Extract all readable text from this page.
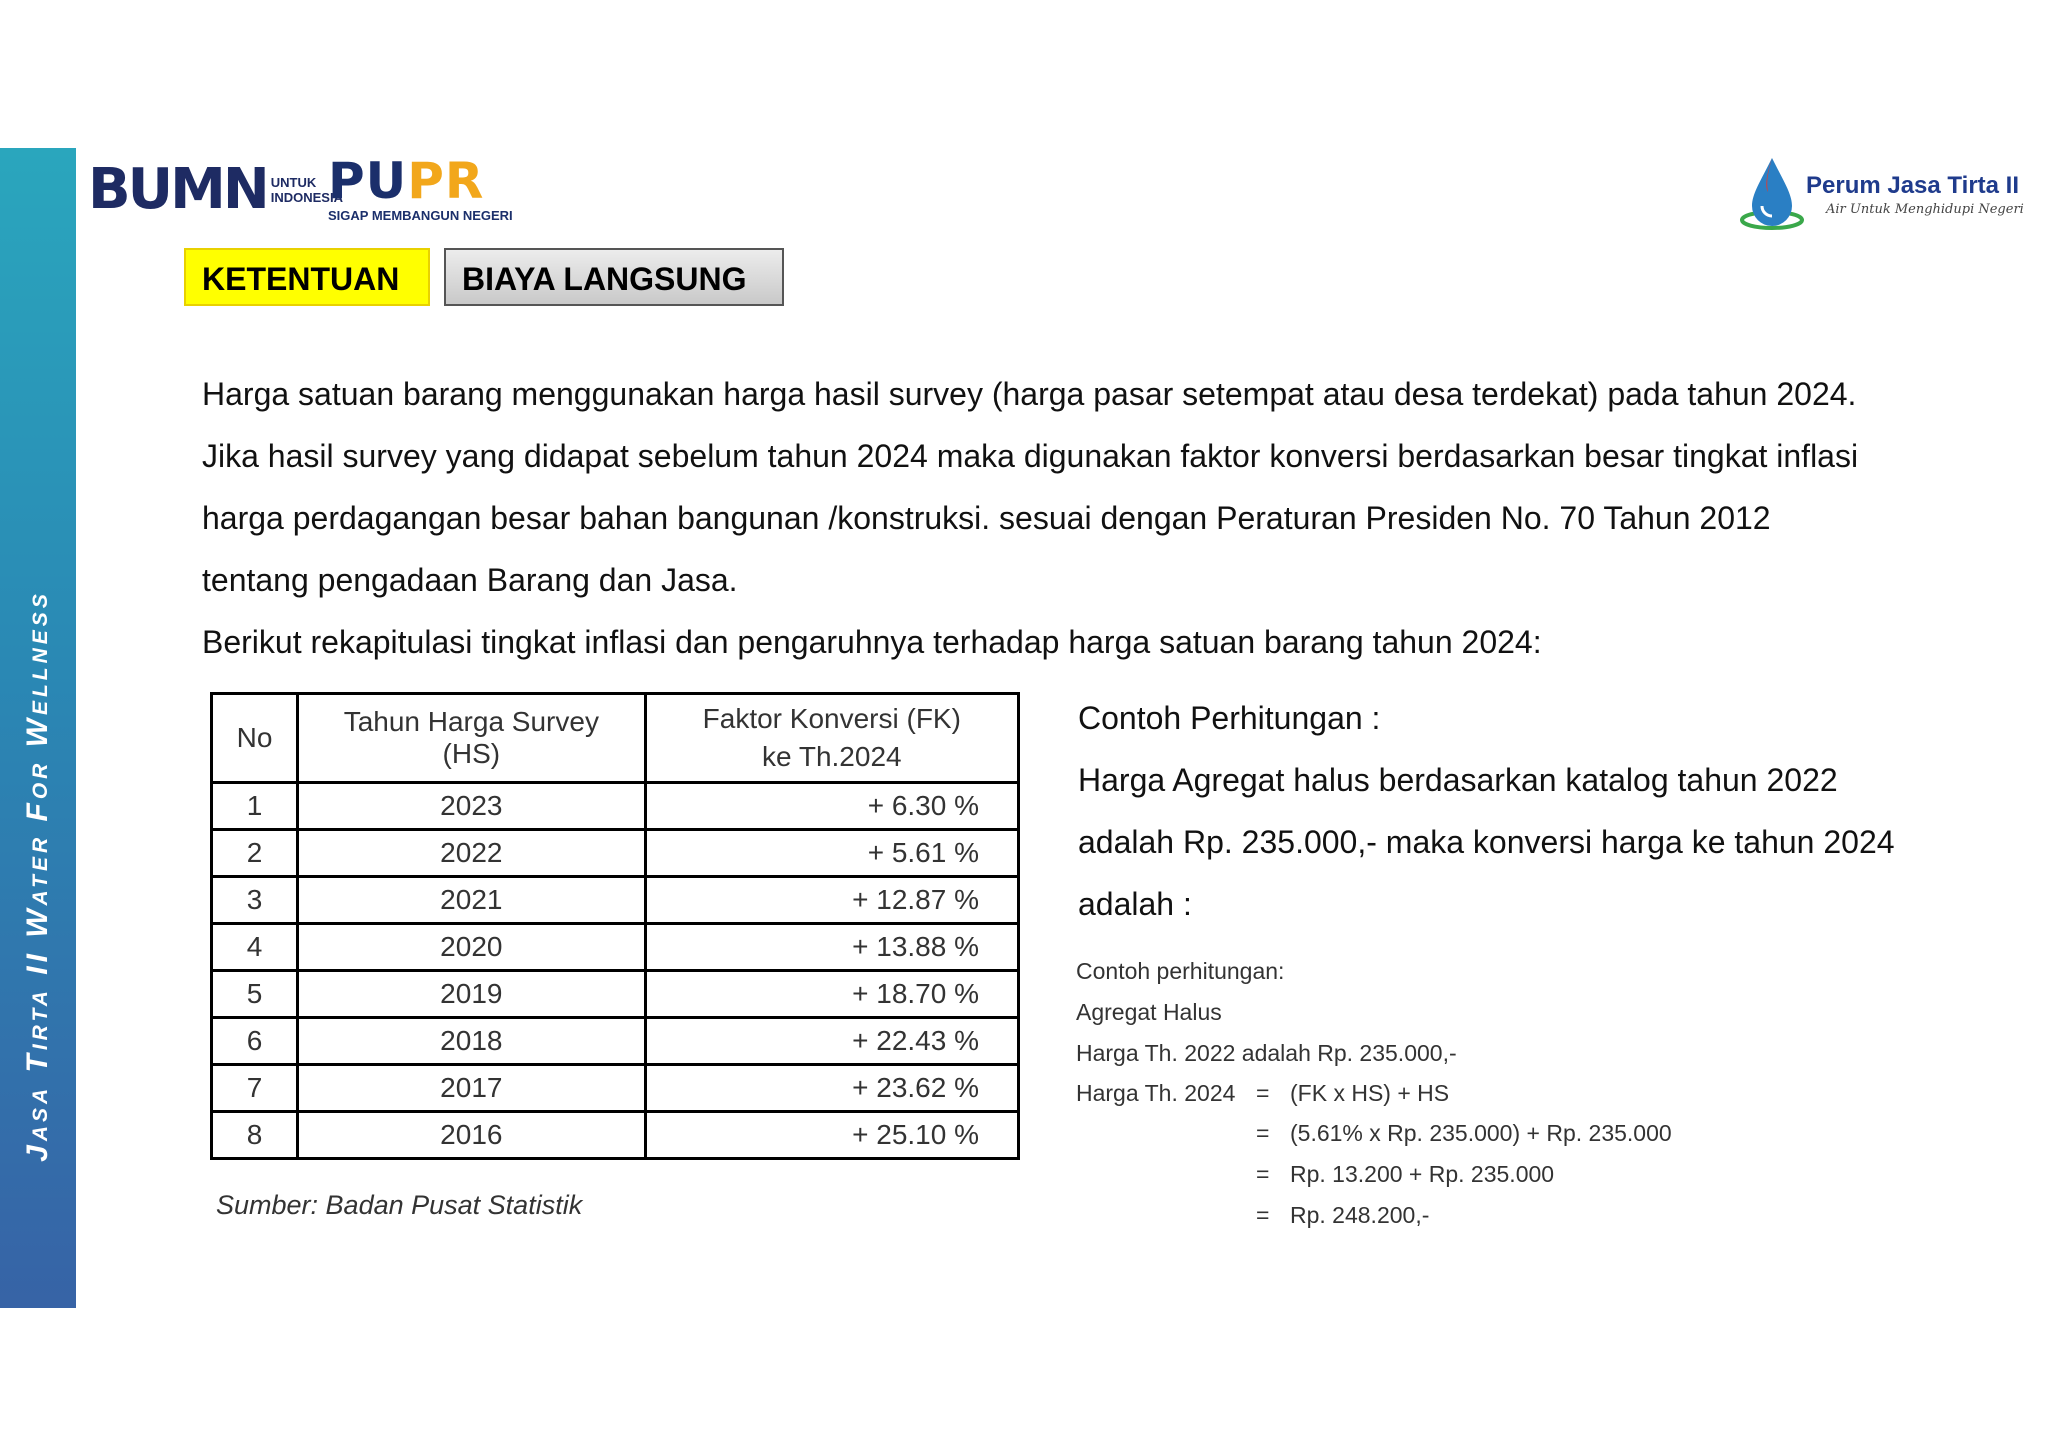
Jasa Tirta II Water For Wellness
BUMN UNTUK
INDONESIA
PUPR
SIGAP MEMBANGUN NEGERI
Perum Jasa Tirta II
Air Untuk Menghidupi Negeri
KETENTUAN	BIAYA LANGSUNG
Harga satuan barang menggunakan harga hasil survey (harga pasar setempat atau desa terdekat) pada tahun 2024.
Jika hasil survey yang didapat sebelum tahun 2024 maka digunakan faktor konversi berdasarkan besar tingkat inflasi
harga perdagangan besar bahan bangunan /konstruksi. sesuai dengan Peraturan Presiden No. 70 Tahun 2012
tentang pengadaan Barang dan Jasa.
Berikut rekapitulasi tingkat inflasi dan pengaruhnya terhadap harga satuan barang tahun 2024:
No	Tahun Harga Survey (HS)	Faktor Konversi (FK)
ke Th.2024
1	2023	+ 6.30 %
2	2022	+ 5.61 %
3	2021	+ 12.87 %
4	2020	+ 13.88 %
5	2019	+ 18.70 %
6	2018	+ 22.43 %
7	2017	+ 23.62 %
8	2016	+ 25.10 %
Sumber: Badan Pusat Statistik
Contoh Perhitungan :
Harga Agregat halus berdasarkan katalog tahun 2022
adalah Rp. 235.000,- maka konversi harga ke tahun 2024
adalah :
Contoh perhitungan:
Agregat Halus
Harga Th. 2022 adalah Rp. 235.000,-
Harga Th. 2024 =
=
=
=
(FK x HS) + HS
(5.61% x Rp. 235.000) + Rp. 235.000
Rp. 13.200 + Rp. 235.000
Rp. 248.200,-
